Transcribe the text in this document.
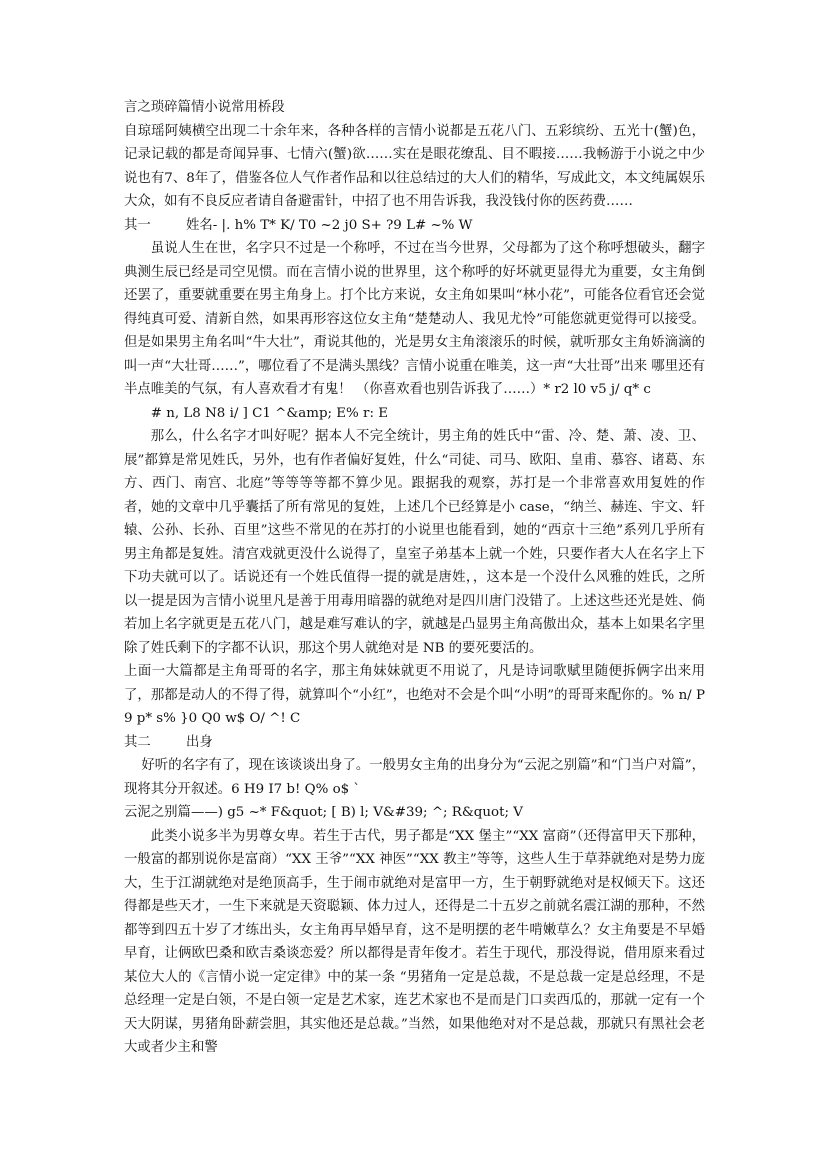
言之琐碎篇情小说常用桥段

自琼瑶阿姨横空出现二十余年来，各种各样的言情小说都是五花八门、五彩缤纷、五光十(蟹)色，记录记载的都是奇闻异事、七情六(蟹)欲……实在是眼花缭乱、目不暇接……我畅游于小说之中少说也有7、8年了，借鉴各位人气作者作品和以往总结过的大人们的精华，写成此文，本文纯属娱乐大众，如有不良反应者请自备避雷针，中招了也不用告诉我，我没钱付你的医药费……

其一	姓名- |. h% T* K/ T0 ~2 j0 S+ ?9 L# ~% W

虽说人生在世，名字只不过是一个称呼，不过在当今世界，父母都为了这个称呼想破头，翻字典测生辰已经是司空见惯。而在言情小说的世界里，这个称呼的好坏就更显得尤为重要，女主角倒还罢了，重要就重要在男主角身上。打个比方来说，女主角如果叫“林小花”，可能各位看官还会觉得纯真可爱、清新自然，如果再形容这位女主角“楚楚动人、我见尤怜”可能您就更觉得可以接受。但是如果男主角名叫“牛大壮”，甭说其他的，光是男女主角滚滚乐的时候，就听那女主角娇滴滴的叫一声“大壮哥……”，哪位看了不是满头黑线？言情小说重在唯美，这一声“大壮哥”出来 哪里还有半点唯美的气氛，有人喜欢看才有鬼！ （你喜欢看也别告诉我了……）* r2 l0 v5 j/ q* c

# n, L8 N8 i/ ] C1 ^&amp; E% r: E

那么，什么名字才叫好呢？据本人不完全统计，男主角的姓氏中“雷、冷、楚、萧、凌、卫、展”都算是常见姓氏，另外，也有作者偏好复姓，什么“司徒、司马、欧阳、皇甫、慕容、诸葛、东方、西门、南宫、北庭”等等等等都不算少见。跟据我的观察，苏打是一个非常喜欢用复姓的作者，她的文章中几乎囊括了所有常见的复姓，上述几个已经算是小 case，“纳兰、赫连、宇文、轩辕、公孙、长孙、百里”这些不常见的在苏打的小说里也能看到，她的“西京十三绝”系列几乎所有男主角都是复姓。清宫戏就更没什么说得了，皇室子弟基本上就一个姓，只要作者大人在名字上下下功夫就可以了。话说还有一个姓氏值得一提的就是唐姓，，这本是一个没什么风雅的姓氏，之所以一提是因为言情小说里凡是善于用毒用暗器的就绝对是四川唐门没错了。上述这些还光是姓、倘若加上名字就更是五花八门，越是难写难认的字，就越是凸显男主角高傲出众，基本上如果名字里除了姓氏剩下的字都不认识，那这个男人就绝对是 NB 的要死要活的。

上面一大篇都是主角哥哥的名字，那主角妹妹就更不用说了，凡是诗词歌赋里随便拆俩字出来用了，那都是动人的不得了得，就算叫个“小红”，也绝对不会是个叫“小明”的哥哥来配你的。% n/ P9 p* s% }0 Q0 w$ O/ ^! C

其二	出身

好听的名字有了，现在该谈谈出身了。一般男女主角的出身分为“云泥之别篇”和“门当户对篇”，现将其分开叙述。6 H9 I7 b! Q% o$ `

云泥之别篇——) g5 ~* F&quot; [ B) l; V&#39; ^; R&quot; V

此类小说多半为男尊女卑。若生于古代，男子都是“XX 堡主”“XX 富商”（还得富甲天下那种，一般富的都别说你是富商）“XX 王爷”“XX 神医”“XX 教主”等等，这些人生于草莽就绝对是势力庞大，生于江湖就绝对是绝顶高手，生于闹市就绝对是富甲一方，生于朝野就绝对是权倾天下。这还得都是些天才，一生下来就是天资聪颖、体力过人，还得是二十五岁之前就名震江湖的那种，不然都等到四五十岁了才练出头，女主角再早婚早育，这不是明摆的老牛啃嫩草么？女主角要是不早婚早育，让俩欧巴桑和欧吉桑谈恋爱？所以都得是青年俊才。若生于现代，那没得说，借用原来看过某位大人的《言情小说一定定律》中的某一条 “男猪角一定是总裁，不是总裁一定是总经理，不是总经理一定是白领，不是白领一定是艺术家，连艺术家也不是而是门口卖西瓜的，那就一定有一个天大阴谋，男猪角卧薪尝胆，其实他还是总裁。”当然，如果他绝对对不是总裁，那就只有黑社会老大或者少主和警
